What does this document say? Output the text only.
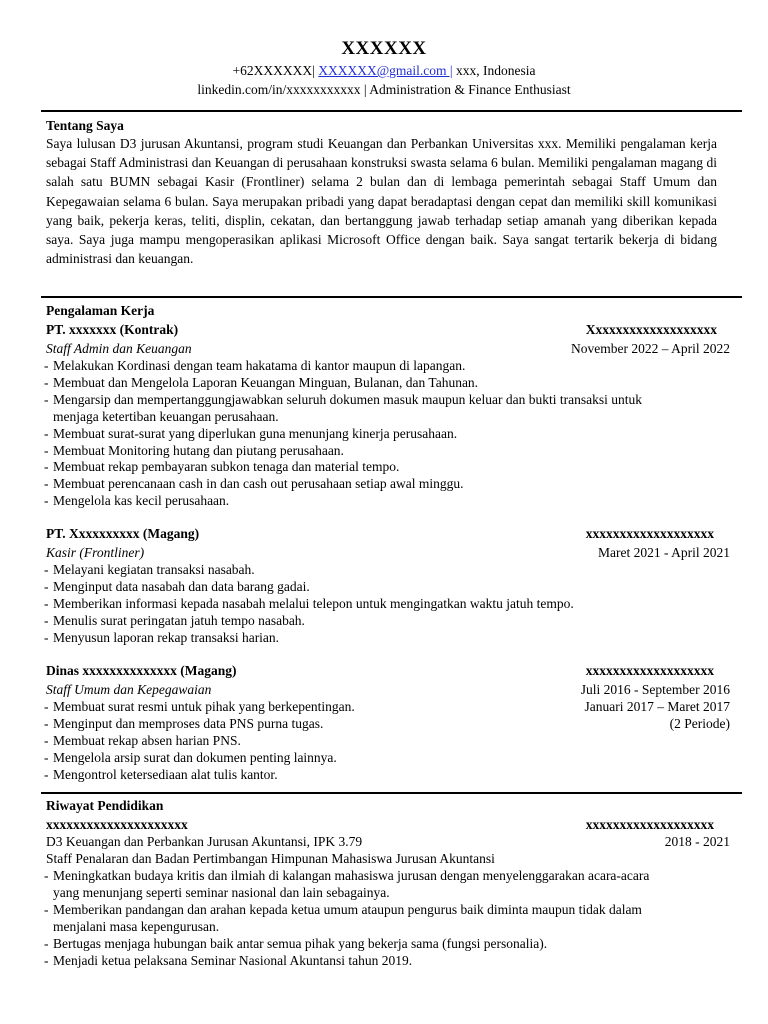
XXXXXX
+62XXXXXX| XXXXXX@gmail.com | xxx, Indonesia
linkedin.com/in/xxxxxxxxxxx | Administration & Finance Enthusiast
Tentang Saya

Saya lulusan D3 jurusan Akuntansi, program studi Keuangan dan Perbankan Universitas xxx. Memiliki pengalaman kerja sebagai Staff Administrasi dan Keuangan di perusahaan konstruksi swasta selama 6 bulan. Memiliki pengalaman magang di salah satu BUMN sebagai Kasir (Frontliner) selama 2 bulan dan di lembaga pemerintah sebagai Staff Umum dan Kepegawaian selama 6 bulan. Saya merupakan pribadi yang dapat beradaptasi dengan cepat dan memiliki skill komunikasi yang baik, pekerja keras, teliti, displin, cekatan, dan bertanggung jawab terhadap setiap amanah yang diberikan kepada saya. Saya juga mampu mengoperasikan aplikasi Microsoft Office dengan baik. Saya sangat tertarik bekerja di bidang administrasi dan keuangan.

Pengalaman Kerja
PT. xxxxxxx (Kontrak)	Xxxxxxxxxxxxxxxxxxx
Staff Admin dan Keuangan	November 2022 – April 2022
- Melakukan Kordinasi dengan team hakatama di kantor maupun di lapangan.
- Membuat dan Mengelola Laporan Keuangan Minguan, Bulanan, dan Tahunan.
- Mengarsip dan mempertanggungjawabkan seluruh dokumen masuk maupun keluar dan bukti transaksi untuk menjaga ketertiban keuangan perusahaan.
- Membuat surat-surat yang diperlukan guna menunjang kinerja perusahaan.
- Membuat Monitoring hutang dan piutang perusahaan.
- Membuat rekap pembayaran subkon tenaga dan material tempo.
- Membuat perencanaan cash in dan cash out perusahaan setiap awal minggu.
- Mengelola kas kecil perusahaan.
PT. Xxxxxxxxxx (Magang)	xxxxxxxxxxxxxxxxxxx
Kasir (Frontliner)	Maret 2021 - April 2021
- Melayani kegiatan transaksi nasabah.
- Menginput data nasabah dan data barang gadai.
- Memberikan informasi kepada nasabah melalui telepon untuk mengingatkan waktu jatuh tempo.
- Menulis surat peringatan jatuh tempo nasabah.
- Menyusun laporan rekap transaksi harian.
Dinas xxxxxxxxxxxxxx (Magang)	xxxxxxxxxxxxxxxxxxx
Staff Umum dan Kepegawaian	Juli 2016 - September 2016
Januari 2017 – Maret 2017
(2 Periode)
- Membuat surat resmi untuk pihak yang berkepentingan.
- Menginput dan memproses data PNS purna tugas.
- Membuat rekap absen harian PNS.
- Mengelola arsip surat dan dokumen penting lainnya.
- Mengontrol ketersediaan alat tulis kantor.
Riwayat Pendidikan
xxxxxxxxxxxxxxxxxxxxx	xxxxxxxxxxxxxxxxxxx
D3 Keuangan dan Perbankan Jurusan Akuntansi, IPK 3.79	2018 - 2021
Staff Penalaran dan Badan Pertimbangan Himpunan Mahasiswa Jurusan Akuntansi
- Meningkatkan budaya kritis dan ilmiah di kalangan mahasiswa jurusan dengan menyelenggarakan acara-acara yang menunjang seperti seminar nasional dan lain sebagainya.
- Memberikan pandangan dan arahan kepada ketua umum ataupun pengurus baik diminta maupun tidak dalam menjalani masa kepengurusan.
- Bertugas menjaga hubungan baik antar semua pihak yang bekerja sama (fungsi personalia).
- Menjadi ketua pelaksana Seminar Nasional Akuntansi tahun 2019.
